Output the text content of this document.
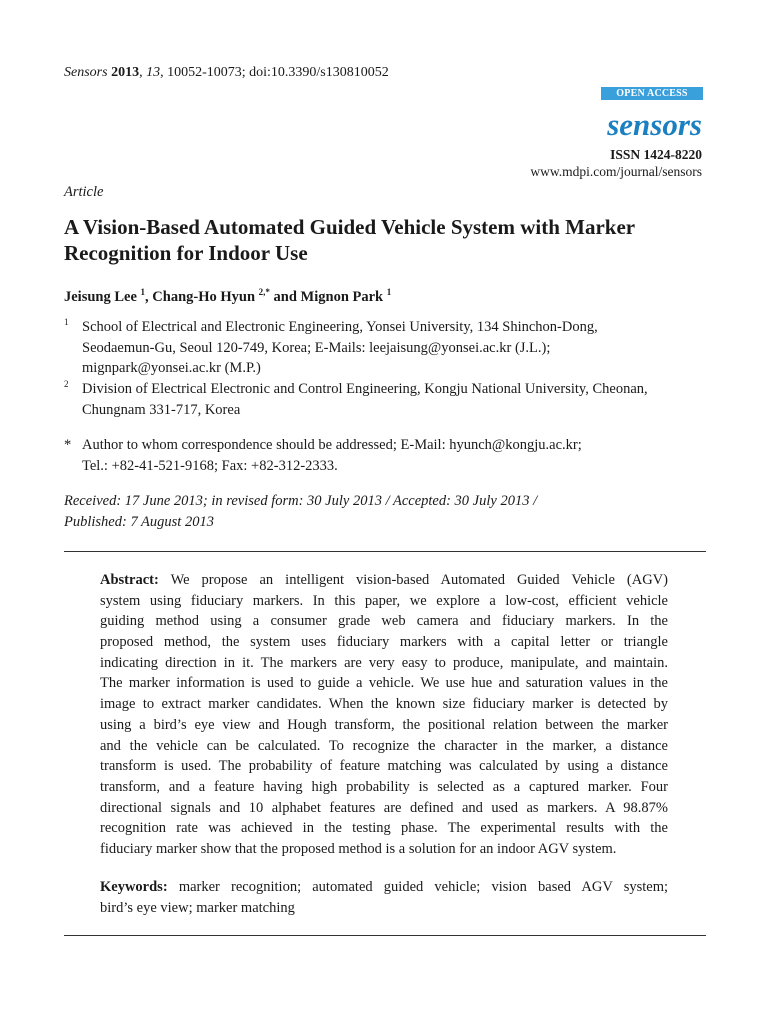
Sensors 2013, 13, 10052-10073; doi:10.3390/s130810052
OPEN ACCESS
sensors
ISSN 1424-8220
www.mdpi.com/journal/sensors
Article
A Vision-Based Automated Guided Vehicle System with Marker Recognition for Indoor Use
Jeisung Lee $^1$, Chang-Ho Hyun $^{2,*}$ and Mignon Park $^1$
1 School of Electrical and Electronic Engineering, Yonsei University, 134 Shinchon-Dong,
Seodaemun-Gu, Seoul 120-749, Korea; E-Mails: leejaisung@yonsei.ac.kr (J.L.);
mignpark@yonsei.ac.kr (M.P.)
2 Division of Electrical Electronic and Control Engineering, Kongju National University, Cheonan,
Chungnam 331-717, Korea
* Author to whom correspondence should be addressed; E-Mail: hyunch@kongju.ac.kr;
Tel.: +82-41-521-9168; Fax: +82-312-2333.
Received: 17 June 2013; in revised form: 30 July 2013 / Accepted: 30 July 2013 /
Published: 7 August 2013
Abstract: We propose an intelligent vision-based Automated Guided Vehicle (AGV)
system using fiduciary markers. In this paper, we explore a low-cost, efficient vehicle
guiding method using a consumer grade web camera and fiduciary markers. In the
proposed method, the system uses fiduciary markers with a capital letter or triangle
indicating direction in it. The markers are very easy to produce, manipulate, and maintain.
The marker information is used to guide a vehicle. We use hue and saturation values in the
image to extract marker candidates. When the known size fiduciary marker is detected by
using a bird’s eye view and Hough transform, the positional relation between the marker
and the vehicle can be calculated. To recognize the character in the marker, a distance
transform is used. The probability of feature matching was calculated by using a distance
transform, and a feature having high probability is selected as a captured marker. Four
directional signals and 10 alphabet features are defined and used as markers. A 98.87%
recognition rate was achieved in the testing phase. The experimental results with the
fiduciary marker show that the proposed method is a solution for an indoor AGV system.
Keywords: marker recognition; automated guided vehicle; vision based AGV system;
bird’s eye view; marker matching
